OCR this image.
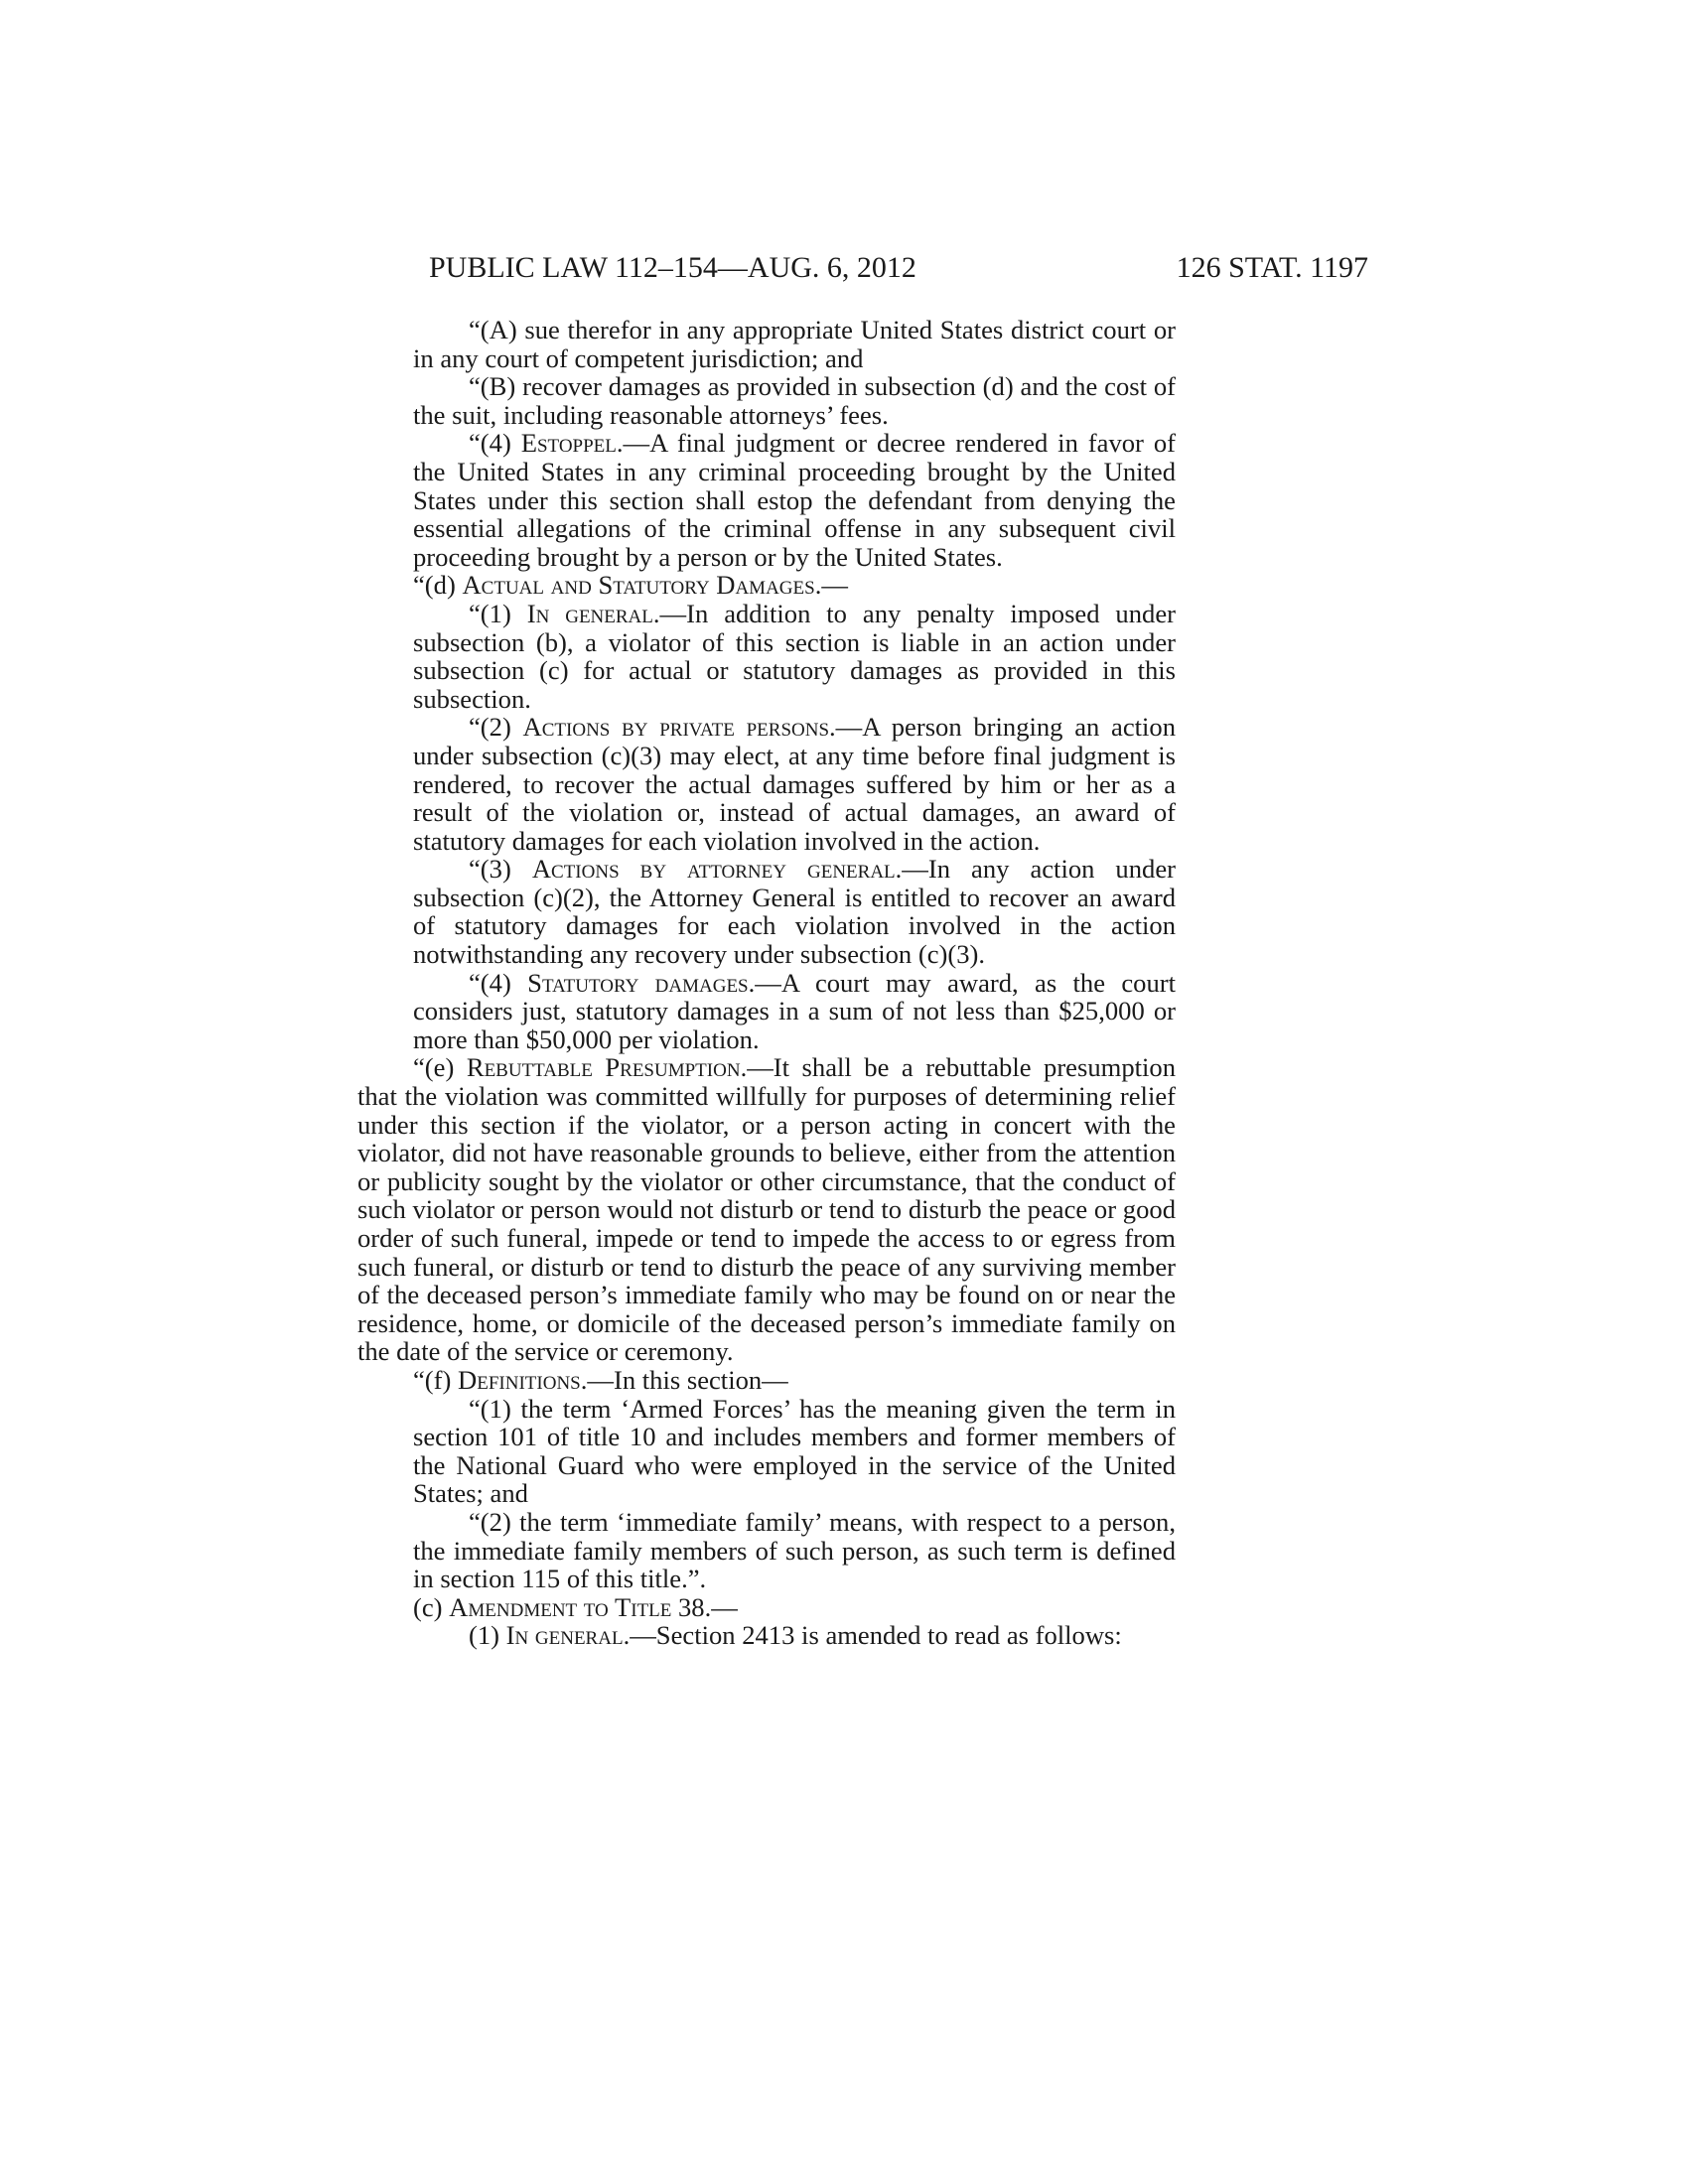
PUBLIC LAW 112–154—AUG. 6, 2012	126 STAT. 1197

“(A) sue therefor in any appropriate United States district court or in any court of competent jurisdiction; and

“(B) recover damages as provided in subsection (d) and the cost of the suit, including reasonable attorneys’ fees.

“(4) Estoppel.—A final judgment or decree rendered in favor of the United States in any criminal proceeding brought by the United States under this section shall estop the defendant from denying the essential allegations of the criminal offense in any subsequent civil proceeding brought by a person or by the United States.

“(d) Actual and Statutory Damages.—

“(1) In general.—In addition to any penalty imposed under subsection (b), a violator of this section is liable in an action under subsection (c) for actual or statutory damages as provided in this subsection.

“(2) Actions by private persons.—A person bringing an action under subsection (c)(3) may elect, at any time before final judgment is rendered, to recover the actual damages suffered by him or her as a result of the violation or, instead of actual damages, an award of statutory damages for each violation involved in the action.

“(3) Actions by attorney general.—In any action under subsection (c)(2), the Attorney General is entitled to recover an award of statutory damages for each violation involved in the action notwithstanding any recovery under subsection (c)(3).

“(4) Statutory damages.—A court may award, as the court considers just, statutory damages in a sum of not less than $25,000 or more than $50,000 per violation.

“(e) Rebuttable Presumption.—It shall be a rebuttable presumption that the violation was committed willfully for purposes of determining relief under this section if the violator, or a person acting in concert with the violator, did not have reasonable grounds to believe, either from the attention or publicity sought by the violator or other circumstance, that the conduct of such violator or person would not disturb or tend to disturb the peace or good order of such funeral, impede or tend to impede the access to or egress from such funeral, or disturb or tend to disturb the peace of any surviving member of the deceased person’s immediate family who may be found on or near the residence, home, or domicile of the deceased person’s immediate family on the date of the service or ceremony.

“(f) Definitions.—In this section—

“(1) the term ‘Armed Forces’ has the meaning given the term in section 101 of title 10 and includes members and former members of the National Guard who were employed in the service of the United States; and

“(2) the term ‘immediate family’ means, with respect to a person, the immediate family members of such person, as such term is defined in section 115 of this title.”.

(c) Amendment to Title 38.—

(1) In general.—Section 2413 is amended to read as follows:
